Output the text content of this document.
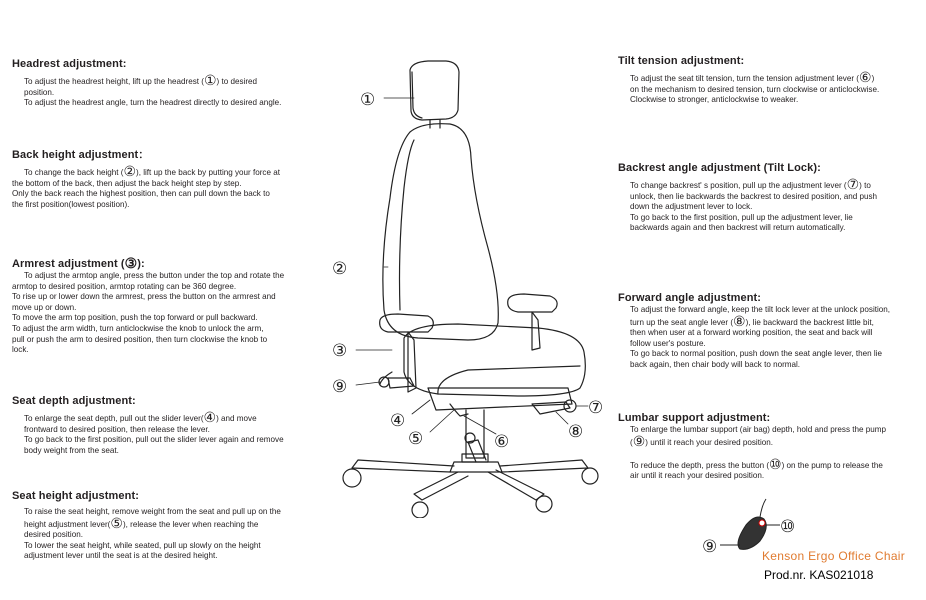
Headrest adjustment:

To adjust the headrest height, lift up the headrest (①) to desired

position.

To adjust the headrest angle, turn the headrest directly to desired angle.

Back height adjustment：

To change the back height (②), lift up the back by putting your force at

the bottom of the back, then adjust the back height step by step.

Only the back reach the highest position, then can pull down the back to

the first position(lowest position).

Armrest adjustment (③):

To adjust the armtop angle, press the button under the top and rotate the

armtop to desired position, armtop rotating can be 360 degree.

To rise up or lower down the armrest, press the button on the armrest and

move up or down.

To move the arm top position, push the top forward or pull backward.

To adjust the arm width, turn anticlockwise the knob to unlock the arm,

pull or push the arm to desired position, then turn clockwise the knob to

lock.

Seat depth adjustment:

To enlarge the seat depth, pull out the slider lever(④) and move

frontward to desired position, then release the lever.

To go back to the first position, pull out the slider lever again and remove

body weight from the seat.

Seat height adjustment:

To raise the seat height, remove weight from the seat and pull up on the

height adjustment lever(⑤), release the lever when reaching the

desired position.

To lower the seat height, while seated, pull up slowly on the height

adjustment lever until the seat is at the desired height.

Tilt tension adjustment:

To adjust the seat tilt tension, turn the tension adjustment lever (⑥)

on the mechanism to desired tension, turn clockwise or anticlockwise.

Clockwise to stronger, anticlockwise to weaker.

Backrest angle adjustment (Tilt Lock):

To change backrest' s position, pull up the adjustment lever (⑦) to

unlock, then lie backwards the backrest to desired position, and push

down the adjustment lever to lock.

To go back to the first position, pull up the adjustment lever, lie

backwards again and then backrest will return automatically.

Forward angle adjustment:

To adjust the forward angle, keep the tilt lock lever at the unlock position,

turn up the seat angle lever (⑧), lie backward the backrest little bit,

then when user at a forward working position, the seat and back will

follow user's posture.

To go back to normal position, push down the seat angle lever, then lie

back again, then chair body will back to normal.

Lumbar support adjustment:

To enlarge the lumbar support (air bag) depth, hold and press the pump

(⑨) until it reach your desired position.

To reduce the depth, press the button (⑩) on the pump to release the

air until it reach your desired position.

①
②
③
⑨
④
⑤	⑥
⑦
⑧
⑩
⑨	Kenson Ergo Office Chair
Prod.nr. KAS021018
